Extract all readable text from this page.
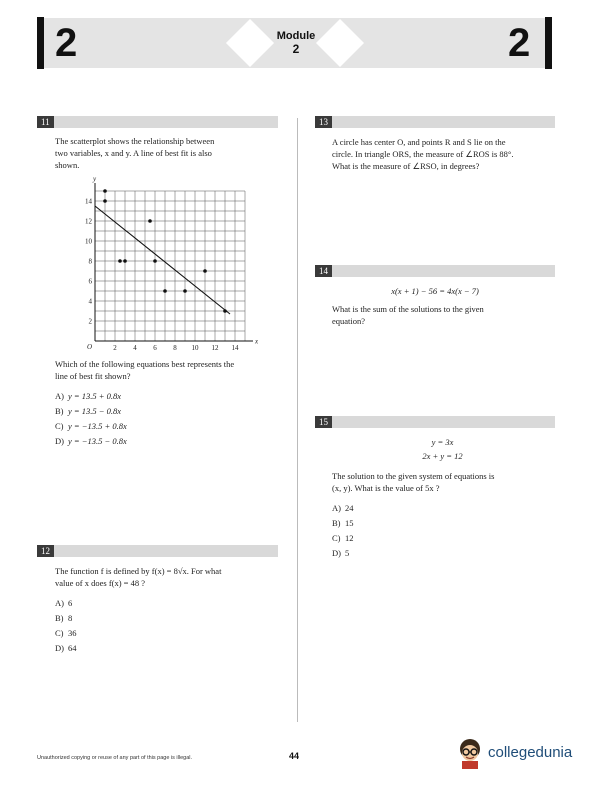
2	Module
2	2
11
The scatterplot shows the relationship between
two variables, x and y. A line of best fit is also
shown.
2 4 6 8 10 12 14
2
4
6
8
10
12
14
x
y
O
Which of the following equations best represents the
line of best fit shown?
A) y = 13.5 + 0.8x
B) y = 13.5 − 0.8x
C) y = −13.5 + 0.8x
D) y = −13.5 − 0.8x
12
The function f is defined by f(x) = 8√x. For what
value of x does f(x) = 48 ?
A) 6
B) 8
C) 36
D) 64
13
A circle has center O, and points R and S lie on the
circle. In triangle ORS, the measure of ∠ROS is 88°.
What is the measure of ∠RSO, in degrees?
14
x(x + 1) − 56 = 4x(x − 7)
What is the sum of the solutions to the given
equation?
15
y = 3x
2x + y = 12
The solution to the given system of equations is
(x, y). What is the value of 5x ?
A) 24
B) 15
C) 12
D) 5
Unauthorized copying or reuse of any part of this page is illegal.	44	collegedunia
